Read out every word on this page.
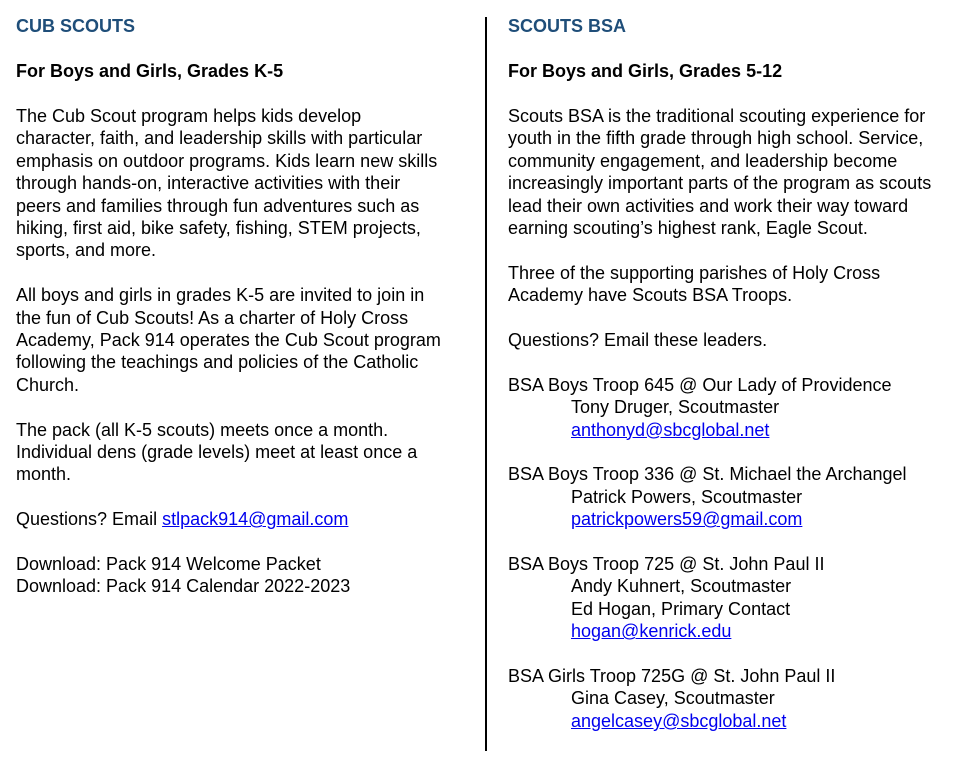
CUB SCOUTS
For Boys and Girls, Grades K-5
The Cub Scout program helps kids develop
character, faith, and leadership skills with particular
emphasis on outdoor programs. Kids learn new skills
through hands-on, interactive activities with their
peers and families through fun adventures such as
hiking, first aid, bike safety, fishing, STEM projects,
sports, and more.
All boys and girls in grades K-5 are invited to join in
the fun of Cub Scouts! As a charter of Holy Cross
Academy, Pack 914 operates the Cub Scout program
following the teachings and policies of the Catholic
Church.
The pack (all K-5 scouts) meets once a month.
Individual dens (grade levels) meet at least once a
month.
Questions? Email stlpack914@gmail.com
Download: Pack 914 Welcome Packet
Download: Pack 914 Calendar 2022-2023
SCOUTS BSA
For Boys and Girls, Grades 5-12
Scouts BSA is the traditional scouting experience for
youth in the fifth grade through high school. Service,
community engagement, and leadership become
increasingly important parts of the program as scouts
lead their own activities and work their way toward
earning scouting’s highest rank, Eagle Scout.
Three of the supporting parishes of Holy Cross
Academy have Scouts BSA Troops.
Questions? Email these leaders.
BSA Boys Troop 645 @ Our Lady of Providence
Tony Druger, Scoutmaster
anthonyd@sbcglobal.net
BSA Boys Troop 336 @ St. Michael the Archangel
Patrick Powers, Scoutmaster
patrickpowers59@gmail.com
BSA Boys Troop 725 @ St. John Paul II
Andy Kuhnert, Scoutmaster
Ed Hogan, Primary Contact
hogan@kenrick.edu
BSA Girls Troop 725G @ St. John Paul II
Gina Casey, Scoutmaster
angelcasey@sbcglobal.net
